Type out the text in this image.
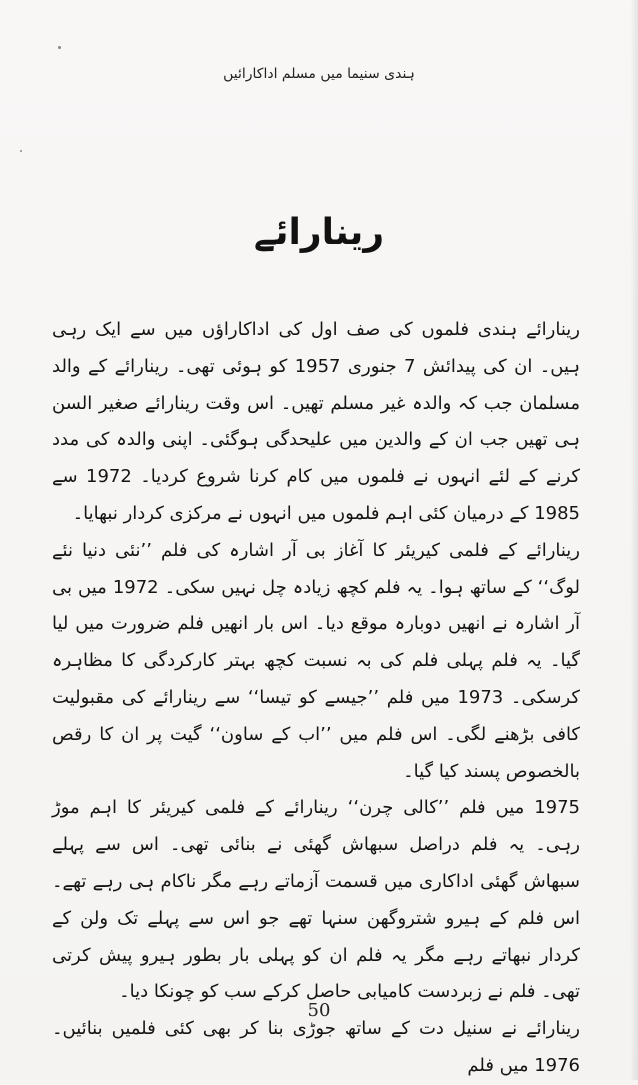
ہندی سنیما میں مسلم اداکارائیں
رینارائے

رینارائے ہندی فلموں کی صف اول کی اداکاراؤں میں سے ایک رہی ہیں۔ ان کی پیدائش 7 جنوری 1957 کو ہوئی تھی۔ رینارائے کے والد مسلمان جب کہ والدہ غیر مسلم تھیں۔ اس وقت رینارائے صغیر السن ہی تھیں جب ان کے والدین میں علیحدگی ہوگئی۔ اپنی والدہ کی مدد کرنے کے لئے انہوں نے فلموں میں کام کرنا شروع کردیا۔ 1972 سے 1985 کے درمیان کئی اہم فلموں میں انہوں نے مرکزی کردار نبھایا۔

رینارائے کے فلمی کیریئر کا آغاز بی آر اشارہ کی فلم ’’نئی دنیا نئے لوگ‘‘ کے ساتھ ہوا۔ یہ فلم کچھ زیادہ چل نہیں سکی۔ 1972 میں بی آر اشارہ نے انھیں دوبارہ موقع دیا۔ اس بار انھیں فلم ضرورت میں لیا گیا۔ یہ فلم پہلی فلم کی بہ نسبت کچھ بہتر کارکردگی کا مظاہرہ کرسکی۔ 1973 میں فلم ’’جیسے کو تیسا‘‘ سے رینارائے کی مقبولیت کافی بڑھنے لگی۔ اس فلم میں ’’اب کے ساون‘‘ گیت پر ان کا رقص بالخصوص پسند کیا گیا۔

1975 میں فلم ’’کالی چرن‘‘ رینارائے کے فلمی کیریئر کا اہم موڑ رہی۔ یہ فلم دراصل سبھاش گھئی نے بنائی تھی۔ اس سے پہلے سبھاش گھئی اداکاری میں قسمت آزماتے رہے مگر ناکام ہی رہے تھے۔ اس فلم کے ہیرو شتروگھن سنہا تھے جو اس سے پہلے تک ولن کے کردار نبھاتے رہے مگر یہ فلم ان کو پہلی بار بطور ہیرو پیش کرتی تھی۔ فلم نے زبردست کامیابی حاصل کرکے سب کو چونکا دیا۔

رینارائے نے سنیل دت کے ساتھ جوڑی بنا کر بھی کئی فلمیں بنائیں۔ 1976 میں فلم

50
